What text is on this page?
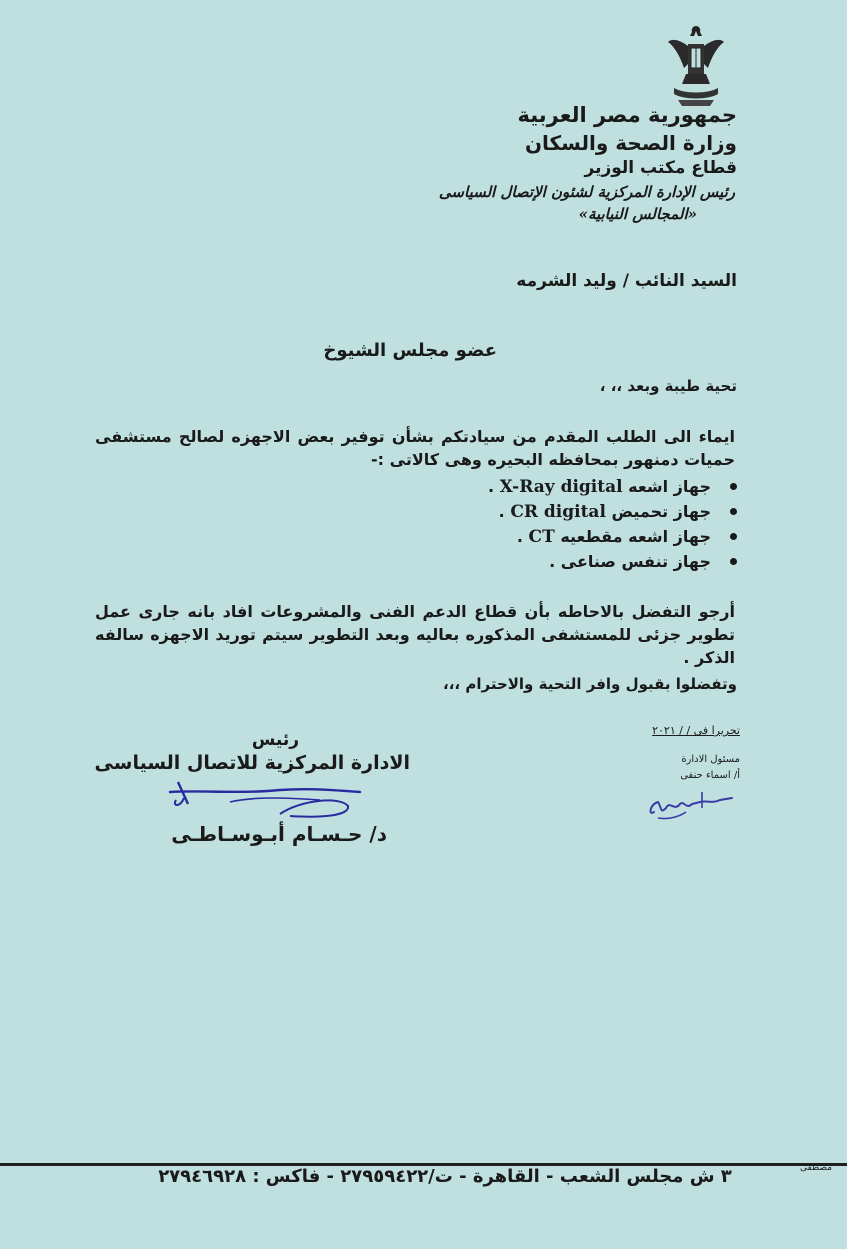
جمهورية مصر العربية
وزارة الصحة والسكان
قطاع مكتب الوزير
رئيس الإدارة المركزية لشئون الإتصال السياسى
«المجالس النيابية»
السيد النائب / وليد الشرمه
عضو مجلس الشيوخ
تحية طيبة وبعد ،، ،
ايماء الى الطلب المقدم من سيادتكم بشأن توفير بعض الاجهزه لصالح مستشفى حميات دمنهور بمحافظه البحيره وهى كالاتى :-
جهاز اشعه X-Ray digital .
جهاز تحميض CR digital .
جهاز اشعه مقطعيه CT .
جهاز تنفس صناعى .
أرجو التفضل بالاحاطه بأن قطاع الدعم الفنى والمشروعات افاد بانه جارى عمل تطوير جزئى للمستشفى المذكوره بعاليه وبعد التطوير سيتم توريد الاجهزه سالفه الذكر .
وتفضلوا بقبول وافر التحية والاحترام ،،،
تحريرا فى / / ٢٠٢١
مسئول الادارة
أ/ اسماء حنفى
رئيس
الادارة المركزية للاتصال السياسى
د/ حـسـام أبـوسـاطـى
٣ ش مجلس الشعب - القاهرة - ت/٢٧٩٥٩٤٢٢ - فاكس : ٢٧٩٤٦٩٢٨	مصطفى
